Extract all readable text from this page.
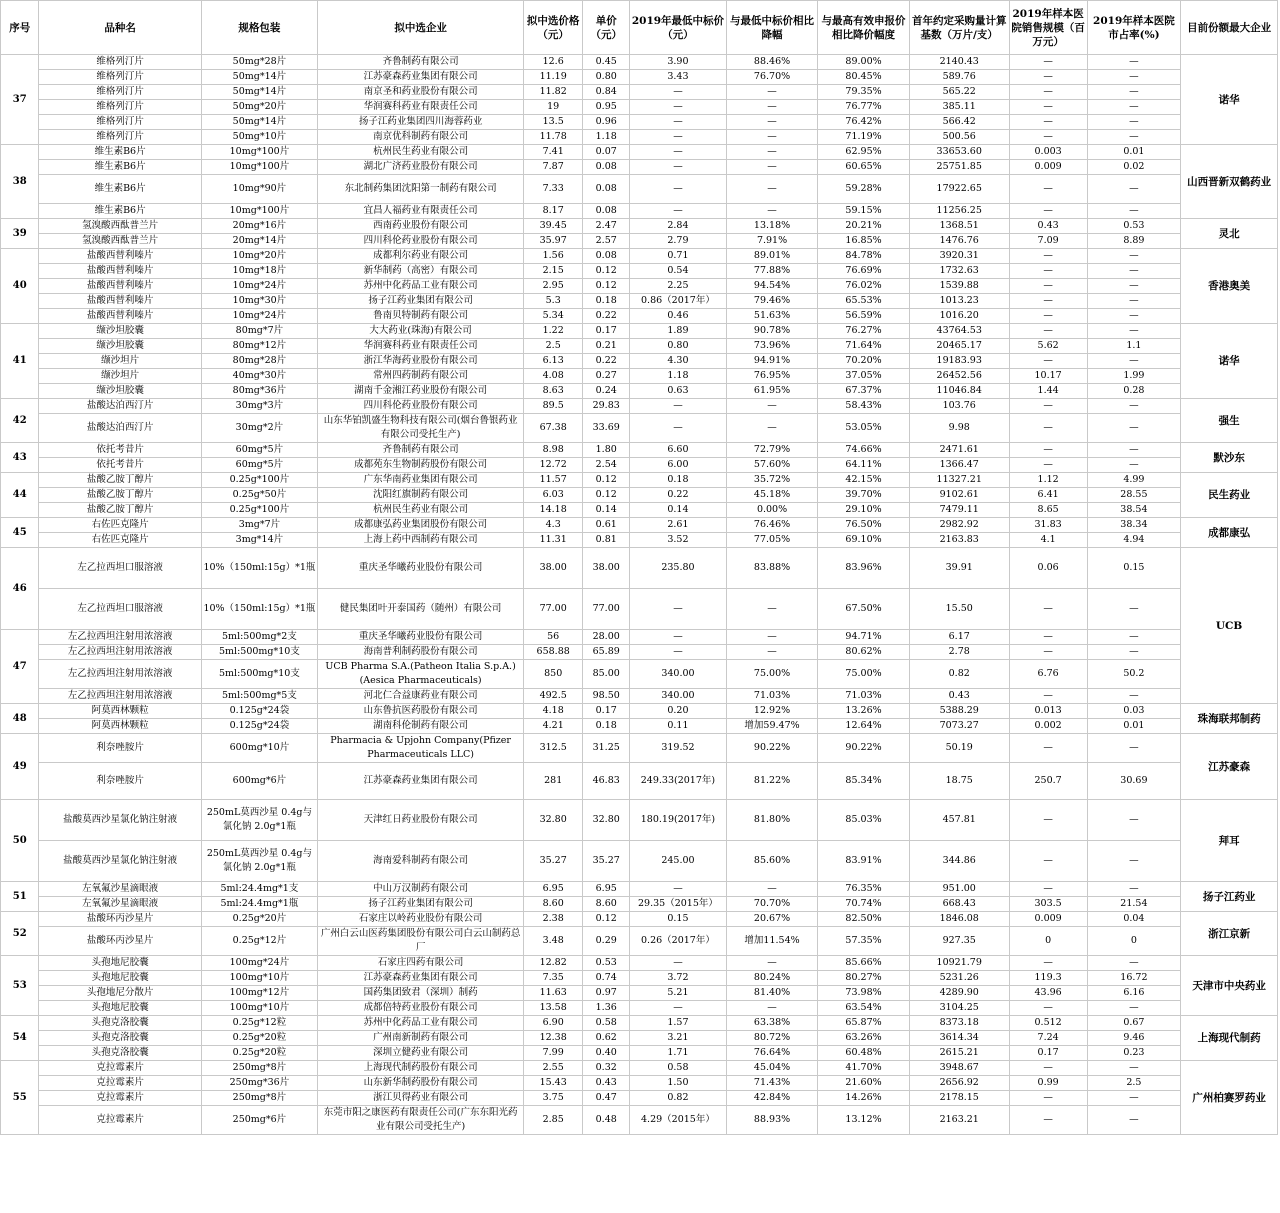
序号	品种名	规格包装	拟中选企业	拟中选价格（元）	单价（元）	2019年最低中标价（元）	与最低中标价相比降幅	与最高有效申报价相比降价幅度	首年约定采购量计算基数（万片/支）	2019年样本医院销售规模（百万元）	2019年样本医院市占率(%)	目前份额最大企业
37	维格列汀片	50mg*28片	齐鲁制药有限公司	12.6	0.45	3.90	88.46%	89.00%	2140.43	—	—	诺华
	维格列汀片	50mg*14片	江苏豪森药业集团有限公司	11.19	0.80	3.43	76.70%	80.45%	589.76	—	—	
	维格列汀片	50mg*14片	南京圣和药业股份有限公司	11.82	0.84	—	—	79.35%	565.22	—	—	
	维格列汀片	50mg*20片	华润赛科药业有限责任公司	19	0.95	—	—	76.77%	385.11	—	—	
	维格列汀片	50mg*14片	扬子江药业集团四川海蓉药业	13.5	0.96	—	—	76.42%	566.42	—	—	
	维格列汀片	50mg*10片	南京优科制药有限公司	11.78	1.18	—	—	71.19%	500.56	—	—	
38	维生素B6片	10mg*100片	杭州民生药业有限公司	7.41	0.07	—	—	62.95%	33653.60	0.003	0.01	山西晋新双鹤药业
	维生素B6片	10mg*100片	湖北广济药业股份有限公司	7.87	0.08	—	—	60.65%	25751.85	0.009	0.02	
	维生素B6片	10mg*90片	东北制药集团沈阳第一制药有限公司	7.33	0.08	—	—	59.28%	17922.65	—	—	
	维生素B6片	10mg*100片	宜昌人福药业有限责任公司	8.17	0.08	—	—	59.15%	11256.25	—	—	
39	氢溴酸西酞普兰片	20mg*16片	西南药业股份有限公司	39.45	2.47	2.84	13.18%	20.21%	1368.51	0.43	0.53	灵北
	氢溴酸西酞普兰片	20mg*14片	四川科伦药业股份有限公司	35.97	2.57	2.79	7.91%	16.85%	1476.76	7.09	8.89	
40	盐酸西替利嗪片	10mg*20片	成都利尔药业有限公司	1.56	0.08	0.71	89.01%	84.78%	3920.31	—	—	香港奥美
	盐酸西替利嗪片	10mg*18片	新华制药（高密）有限公司	2.15	0.12	0.54	77.88%	76.69%	1732.63	—	—	
	盐酸西替利嗪片	10mg*24片	苏州中化药品工业有限公司	2.95	0.12	2.25	94.54%	76.02%	1539.88	—	—	
	盐酸西替利嗪片	10mg*30片	扬子江药业集团有限公司	5.3	0.18	0.86（2017年）	79.46%	65.53%	1013.23	—	—	
	盐酸西替利嗪片	10mg*24片	鲁南贝特制药有限公司	5.34	0.22	0.46	51.63%	56.59%	1016.20	—	—	
41	缬沙坦胶囊	80mg*7片	大大药业(珠海)有限公司	1.22	0.17	1.89	90.78%	76.27%	43764.53	—	—	诺华
	缬沙坦胶囊	80mg*12片	华润赛科药业有限责任公司	2.5	0.21	0.80	73.96%	71.64%	20465.17	5.62	1.1	
	缬沙坦片	80mg*28片	浙江华海药业股份有限公司	6.13	0.22	4.30	94.91%	70.20%	19183.93	—	—	
	缬沙坦片	40mg*30片	常州四药制药有限公司	4.08	0.27	1.18	76.95%	37.05%	26452.56	10.17	1.99	
	缬沙坦胶囊	80mg*36片	湖南千金湘江药业股份有限公司	8.63	0.24	0.63	61.95%	67.37%	11046.84	1.44	0.28	
42	盐酸达泊西汀片	30mg*3片	四川科伦药业股份有限公司	89.5	29.83	—	—	58.43%	103.76	—	—	强生
	盐酸达泊西汀片	30mg*2片	山东华铂凯盛生物科技有限公司(烟台鲁银药业有限公司受托生产)	67.38	33.69	—	—	53.05%	9.98	—	—	
43	依托考昔片	60mg*5片	齐鲁制药有限公司	8.98	1.80	6.60	72.79%	74.66%	2471.61	—	—	默沙东
	依托考昔片	60mg*5片	成都苑东生物制药股份有限公司	12.72	2.54	6.00	57.60%	64.11%	1366.47	—	—	
44	盐酸乙胺丁醇片	0.25g*100片	广东华南药业集团有限公司	11.57	0.12	0.18	35.72%	42.15%	11327.21	1.12	4.99	民生药业
	盐酸乙胺丁醇片	0.25g*50片	沈阳红旗制药有限公司	6.03	0.12	0.22	45.18%	39.70%	9102.61	6.41	28.55	
	盐酸乙胺丁醇片	0.25g*100片	杭州民生药业有限公司	14.18	0.14	0.14	0.00%	29.10%	7479.11	8.65	38.54	
45	右佐匹克隆片	3mg*7片	成都康弘药业集团股份有限公司	4.3	0.61	2.61	76.46%	76.50%	2982.92	31.83	38.34	成都康弘
	右佐匹克隆片	3mg*14片	上海上药中西制药有限公司	11.31	0.81	3.52	77.05%	69.10%	2163.83	4.1	4.94	
46	左乙拉西坦口服溶液	10%（150ml:15g）*1瓶	重庆圣华曦药业股份有限公司	38.00	38.00	235.80	83.88%	83.96%	39.91	0.06	0.15	UCB
	左乙拉西坦口服溶液	10%（150ml:15g）*1瓶	健民集团叶开泰国药（随州）有限公司	77.00	77.00	—	—	67.50%	15.50	—	—	
47	左乙拉西坦注射用浓溶液	5ml:500mg*2支	重庆圣华曦药业股份有限公司	56	28.00	—	—	94.71%	6.17	—	—	
	左乙拉西坦注射用浓溶液	5ml:500mg*10支	海南普利制药股份有限公司	658.88	65.89	—	—	80.62%	2.78	—	—	
	左乙拉西坦注射用浓溶液	5ml:500mg*10支	UCB Pharma S.A.(Patheon Italia S.p.A.)(Aesica Pharmaceuticals)	850	85.00	340.00	75.00%	75.00%	0.82	6.76	50.2	
	左乙拉西坦注射用浓溶液	5ml:500mg*5支	河北仁合益康药业有限公司	492.5	98.50	340.00	71.03%	71.03%	0.43	—	—	
48	阿莫西林颗粒	0.125g*24袋	山东鲁抗医药股份有限公司	4.18	0.17	0.20	12.92%	13.26%	5388.29	0.013	0.03	珠海联邦制药
	阿莫西林颗粒	0.125g*24袋	湖南科伦制药有限公司	4.21	0.18	0.11	增加59.47%	12.64%	7073.27	0.002	0.01	
49	利奈唑胺片	600mg*10片	Pharmacia & Upjohn Company(Pfizer Pharmaceuticals LLC)	312.5	31.25	319.52	90.22%	90.22%	50.19	—	—	江苏豪森
	利奈唑胺片	600mg*6片	江苏豪森药业集团有限公司	281	46.83	249.33(2017年)	81.22%	85.34%	18.75	250.7	30.69	
50	盐酸莫西沙星氯化钠注射液	250mL莫西沙星 0.4g与氯化钠 2.0g*1瓶	天津红日药业股份有限公司	32.80	32.80	180.19(2017年)	81.80%	85.03%	457.81	—	—	拜耳
	盐酸莫西沙星氯化钠注射液	250mL莫西沙星 0.4g与氯化钠 2.0g*1瓶	海南爱科制药有限公司	35.27	35.27	245.00	85.60%	83.91%	344.86	—	—	
51	左氧氟沙星滴眼液	5ml:24.4mg*1支	中山万汉制药有限公司	6.95	6.95	—	—	76.35%	951.00	—	—	扬子江药业
	左氧氟沙星滴眼液	5ml:24.4mg*1瓶	扬子江药业集团有限公司	8.60	8.60	29.35（2015年）	70.70%	70.74%	668.43	303.5	21.54	
52	盐酸环丙沙星片	0.25g*20片	石家庄以岭药业股份有限公司	2.38	0.12	0.15	20.67%	82.50%	1846.08	0.009	0.04	浙江京新
	盐酸环丙沙星片	0.25g*12片	广州白云山医药集团股份有限公司白云山制药总厂	3.48	0.29	0.26（2017年）	增加11.54%	57.35%	927.35	0	0	
53	头孢地尼胶囊	100mg*24片	石家庄四药有限公司	12.82	0.53	—	—	85.66%	10921.79	—	—	天津市中央药业
	头孢地尼胶囊	100mg*10片	江苏豪森药业集团有限公司	7.35	0.74	3.72	80.24%	80.27%	5231.26	119.3	16.72	
	头孢地尼分散片	100mg*12片	国药集团致君（深圳）制药	11.63	0.97	5.21	81.40%	73.98%	4289.90	43.96	6.16	
	头孢地尼胶囊	100mg*10片	成都倍特药业股份有限公司	13.58	1.36	—	—	63.54%	3104.25	—	—	
54	头孢克洛胶囊	0.25g*12粒	苏州中化药品工业有限公司	6.90	0.58	1.57	63.38%	65.87%	8373.18	0.512	0.67	上海现代制药
	头孢克洛胶囊	0.25g*20粒	广州南新制药有限公司	12.38	0.62	3.21	80.72%	63.26%	3614.34	7.24	9.46	
	头孢克洛胶囊	0.25g*20粒	深圳立健药业有限公司	7.99	0.40	1.71	76.64%	60.48%	2615.21	0.17	0.23	
55	克拉霉素片	250mg*8片	上海现代制药股份有限公司	2.55	0.32	0.58	45.04%	41.70%	3948.67	—	—	广州柏赛罗药业
	克拉霉素片	250mg*36片	山东新华制药股份有限公司	15.43	0.43	1.50	71.43%	21.60%	2656.92	0.99	2.5	
	克拉霉素片	250mg*8片	浙江贝得药业有限公司	3.75	0.47	0.82	42.84%	14.26%	2178.15	—	—	
	克拉霉素片	250mg*6片	东莞市阳之康医药有限责任公司(广东东阳光药业有限公司受托生产)	2.85	0.48	4.29（2015年）	88.93%	13.12%	2163.21	—	—	
